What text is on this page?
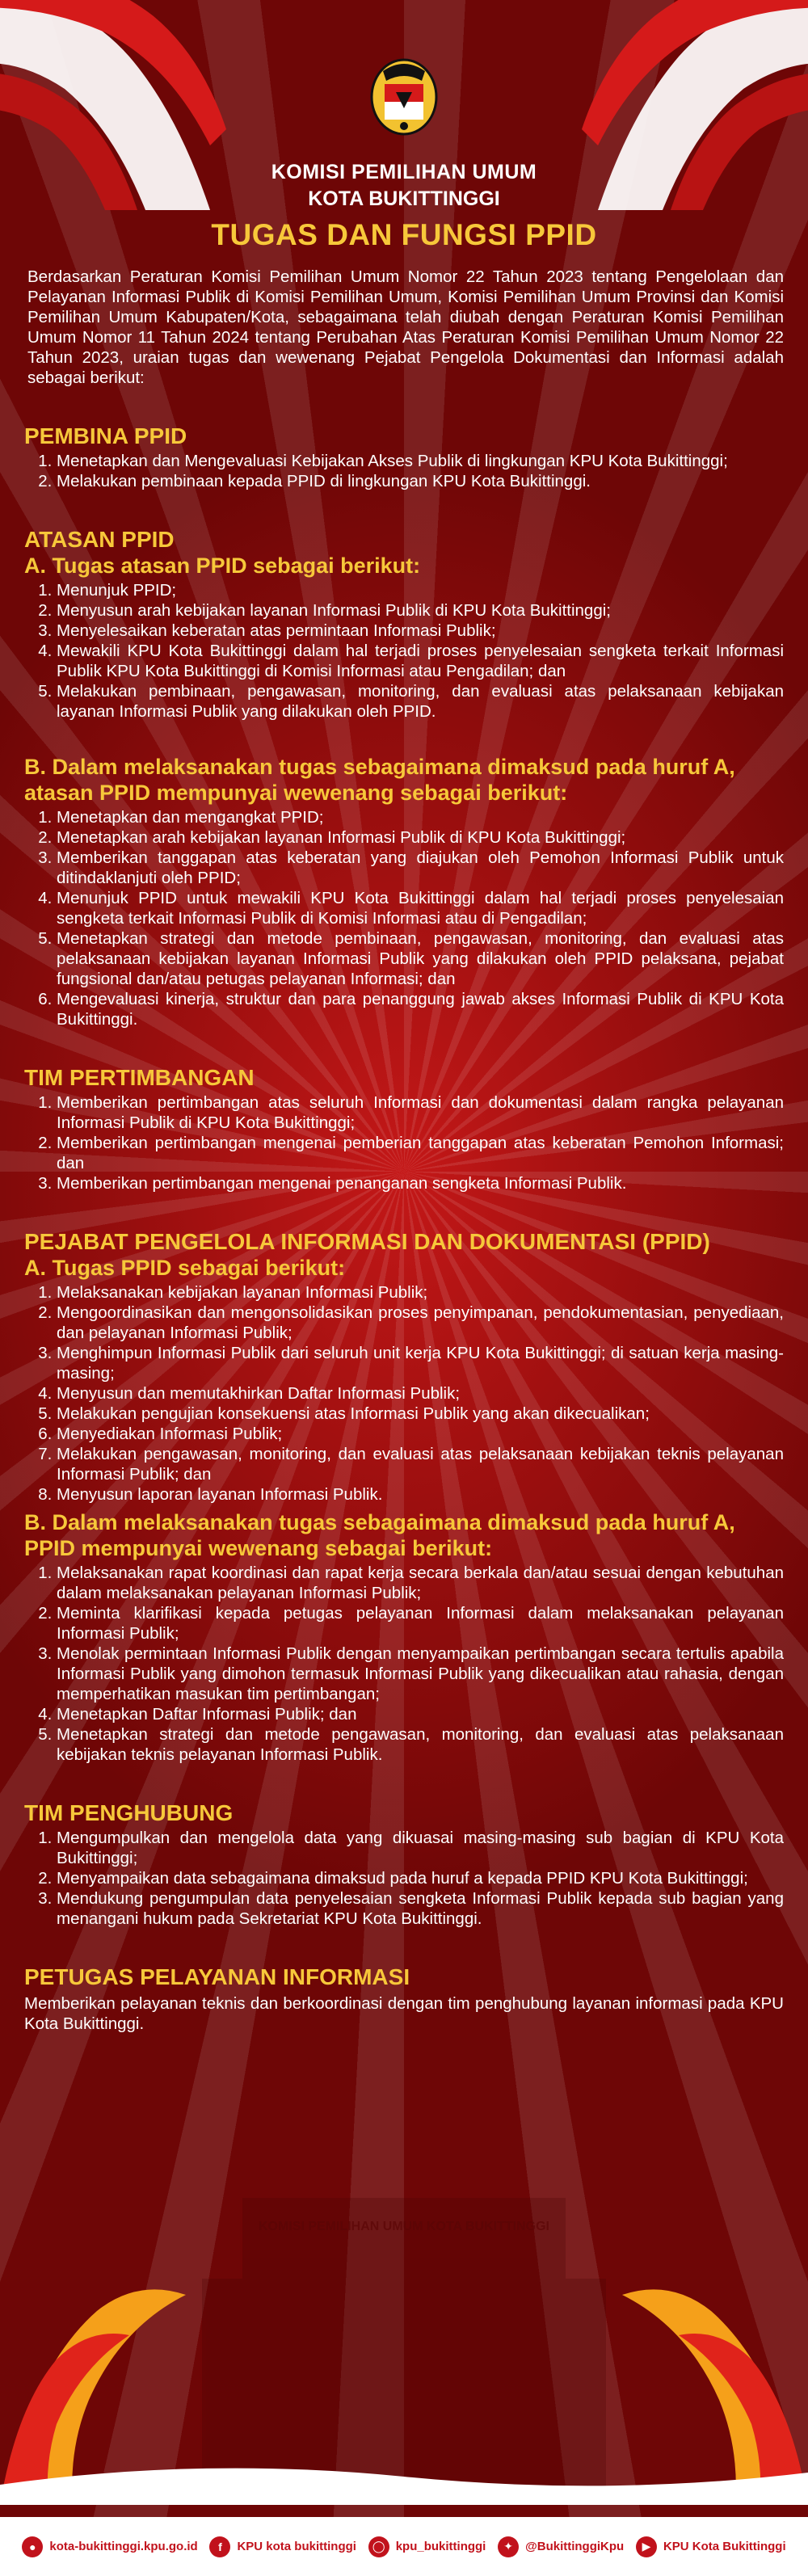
KOMISI PEMILIHAN UMUM
KOTA BUKITTINGGI
TUGAS DAN FUNGSI PPID

Berdasarkan Peraturan Komisi Pemilihan Umum Nomor 22 Tahun 2023 tentang Pengelolaan dan Pelayanan Informasi Publik di Komisi Pemilihan Umum, Komisi Pemilihan Umum Provinsi dan Komisi Pemilihan Umum Kabupaten/Kota, sebagaimana telah diubah dengan Peraturan Komisi Pemilihan Umum Nomor 11 Tahun 2024 tentang Perubahan Atas Peraturan Komisi Pemilihan Umum Nomor 22 Tahun 2023, uraian tugas dan wewenang Pejabat Pengelola Dokumentasi dan Informasi adalah sebagai berikut:

PEMBINA PPID
1. Menetapkan dan Mengevaluasi Kebijakan Akses Publik di lingkungan KPU Kota Bukittinggi;
2. Melakukan pembinaan kepada PPID di lingkungan KPU Kota Bukittinggi.
ATASAN PPID
A. Tugas atasan PPID sebagai berikut:
1. Menunjuk PPID;
2. Menyusun arah kebijakan layanan Informasi Publik di KPU Kota Bukittinggi;
3. Menyelesaikan keberatan atas permintaan Informasi Publik;
4. Mewakili KPU Kota Bukittinggi dalam hal terjadi proses penyelesaian sengketa terkait Informasi Publik KPU Kota Bukittinggi di Komisi Informasi atau Pengadilan; dan
5. Melakukan pembinaan, pengawasan, monitoring, dan evaluasi atas pelaksanaan kebijakan layanan Informasi Publik yang dilakukan oleh PPID.
B. Dalam melaksanakan tugas sebagaimana dimaksud pada huruf A, atasan PPID mempunyai wewenang sebagai berikut:
1. Menetapkan dan mengangkat PPID;
2. Menetapkan arah kebijakan layanan Informasi Publik di KPU Kota Bukittinggi;
3. Memberikan tanggapan atas keberatan yang diajukan oleh Pemohon Informasi Publik untuk ditindaklanjuti oleh PPID;
4. Menunjuk PPID untuk mewakili KPU Kota Bukittinggi dalam hal terjadi proses penyelesaian sengketa terkait Informasi Publik di Komisi Informasi atau di Pengadilan;
5. Menetapkan strategi dan metode pembinaan, pengawasan, monitoring, dan evaluasi atas pelaksanaan kebijakan layanan Informasi Publik yang dilakukan oleh PPID pelaksana, pejabat fungsional dan/atau petugas pelayanan Informasi; dan
6. Mengevaluasi kinerja, struktur dan para penanggung jawab akses Informasi Publik di KPU Kota Bukittinggi.
TIM PERTIMBANGAN
1. Memberikan pertimbangan atas seluruh Informasi dan dokumentasi dalam rangka pelayanan Informasi Publik di KPU Kota Bukittinggi;
2. Memberikan pertimbangan mengenai pemberian tanggapan atas keberatan Pemohon Informasi; dan
3. Memberikan pertimbangan mengenai penanganan sengketa Informasi Publik.
PEJABAT PENGELOLA INFORMASI DAN DOKUMENTASI (PPID)
A. Tugas PPID sebagai berikut:
1. Melaksanakan kebijakan layanan Informasi Publik;
2. Mengoordinasikan dan mengonsolidasikan proses penyimpanan, pendokumentasian, penyediaan, dan pelayanan Informasi Publik;
3. Menghimpun Informasi Publik dari seluruh unit kerja KPU Kota Bukittinggi; di satuan kerja masing-masing;
4. Menyusun dan memutakhirkan Daftar Informasi Publik;
5. Melakukan pengujian konsekuensi atas Informasi Publik yang akan dikecualikan;
6. Menyediakan Informasi Publik;
7. Melakukan pengawasan, monitoring, dan evaluasi atas pelaksanaan kebijakan teknis pelayanan Informasi Publik; dan
8. Menyusun laporan layanan Informasi Publik.
B. Dalam melaksanakan tugas sebagaimana dimaksud pada huruf A, PPID mempunyai wewenang sebagai berikut:
1. Melaksanakan rapat koordinasi dan rapat kerja secara berkala dan/atau sesuai dengan kebutuhan dalam melaksanakan pelayanan Informasi Publik;
2. Meminta klarifikasi kepada petugas pelayanan Informasi dalam melaksanakan pelayanan Informasi Publik;
3. Menolak permintaan Informasi Publik dengan menyampaikan pertimbangan secara tertulis apabila Informasi Publik yang dimohon termasuk Informasi Publik yang dikecualikan atau rahasia, dengan memperhatikan masukan tim pertimbangan;
4. Menetapkan Daftar Informasi Publik; dan
5. Menetapkan strategi dan metode pengawasan, monitoring, dan evaluasi atas pelaksanaan kebijakan teknis pelayanan Informasi Publik.
TIM PENGHUBUNG
1. Mengumpulkan dan mengelola data yang dikuasai masing-masing sub bagian di KPU Kota Bukittinggi;
2. Menyampaikan data sebagaimana dimaksud pada huruf a kepada PPID KPU Kota Bukittinggi;
3. Mendukung pengumpulan data penyelesaian sengketa Informasi Publik kepada sub bagian yang menangani hukum pada Sekretariat KPU Kota Bukittinggi.
PETUGAS PELAYANAN INFORMASI

Memberikan pelayanan teknis dan berkoordinasi dengan tim penghubung layanan informasi pada KPU Kota Bukittinggi.

KOMISI PEMILIHAN UMUM KOTA BUKITTINGGI
●	kota-bukittinggi.kpu.go.id	f	KPU kota bukittinggi	◯ kpu_bukittinggi	✦	@BukittinggiKpu	▶	KPU Kota Bukittinggi
